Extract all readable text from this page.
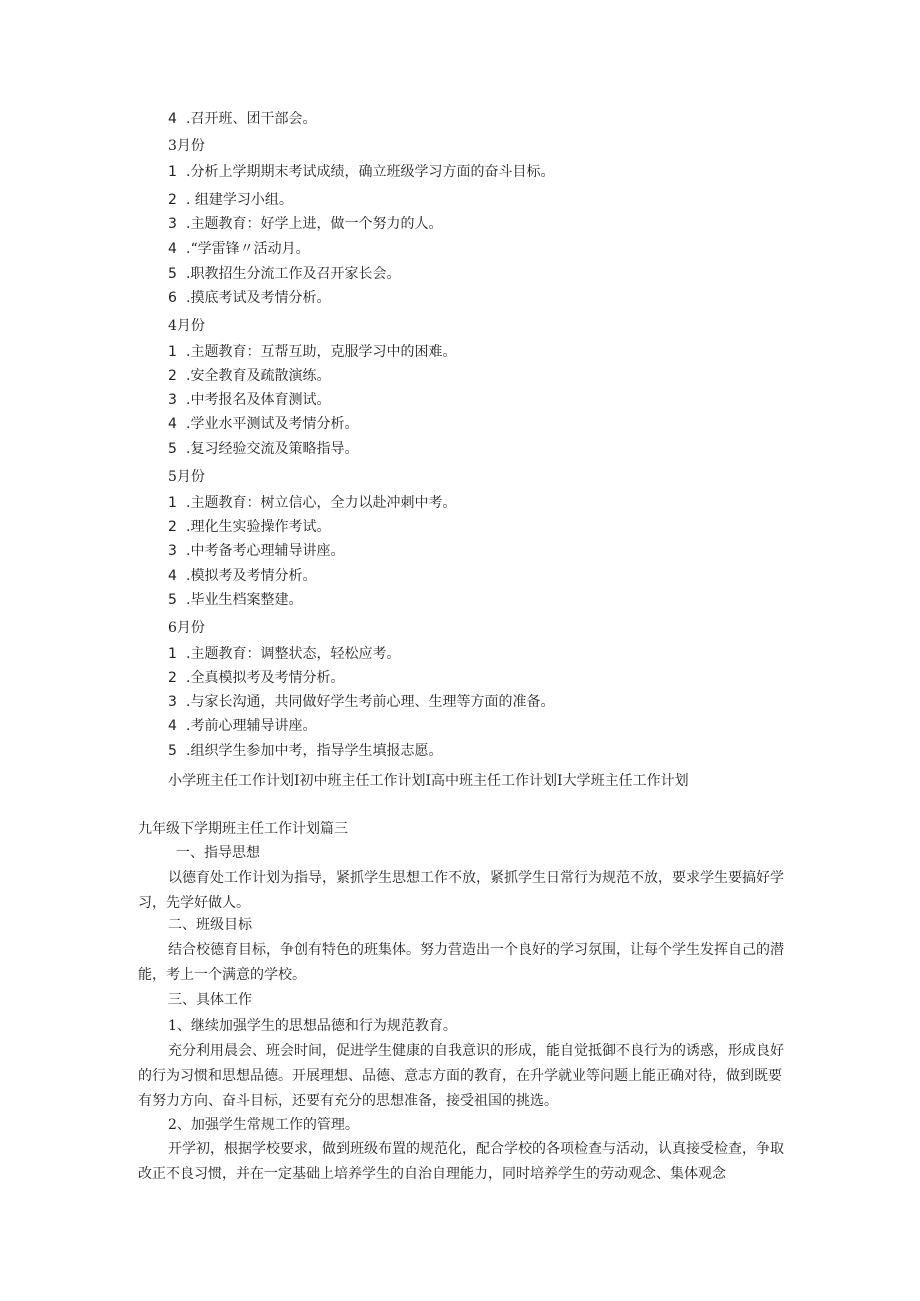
4 .召开班、团干部会。
3月份
1 .分析上学期期末考试成绩，确立班级学习方面的奋斗目标。
2 . 组建学习小组。
3 .主题教育：好学上进，做一个努力的人。
4 .“学雷锋〃活动月。
5 .职教招生分流工作及召开家长会。
6 .摸底考试及考情分析。
4月份
1 .主题教育：互帮互助，克服学习中的困难。
2 .安全教育及疏散演练。
3 .中考报名及体育测试。
4 .学业水平测试及考情分析。
5 .复习经验交流及策略指导。
5月份
1 .主题教育：树立信心，全力以赴冲刺中考。
2 .理化生实验操作考试。
3 .中考备考心理辅导讲座。
4 .模拟考及考情分析。
5 .毕业生档案整建。
6月份
1 .主题教育：调整状态，轻松应考。
2 .全真模拟考及考情分析。
3 .与家长沟通，共同做好学生考前心理、生理等方面的准备。
4 .考前心理辅导讲座。
5 .组织学生参加中考，指导学生填报志愿。
小学班主任工作计划I初中班主任工作计划I高中班主任工作计划I大学班主任工作计划
九年级下学期班主任工作计划篇三
一、指导思想
以德育处工作计划为指导，紧抓学生思想工作不放，紧抓学生日常行为规范不放，要求学生要搞好学习，先学好做人。
二、班级目标
结合校德育目标，争创有特色的班集体。努力营造出一个良好的学习氛围，让每个学生发挥自己的潜能，考上一个满意的学校。
三、具体工作
1、继续加强学生的思想品德和行为规范教育。
充分利用晨会、班会时间，促进学生健康的自我意识的形成，能自觉抵御不良行为的诱惑，形成良好的行为习惯和思想品德。开展理想、品德、意志方面的教育，在升学就业等问题上能正确对待，做到既要有努力方向、奋斗目标，还要有充分的思想准备，接受祖国的挑选。
2、加强学生常规工作的管理。
开学初，根据学校要求，做到班级布置的规范化，配合学校的各项检查与活动，认真接受检查，争取改正不良习惯，并在一定基础上培养学生的自治自理能力，同时培养学生的劳动观念、集体观念
